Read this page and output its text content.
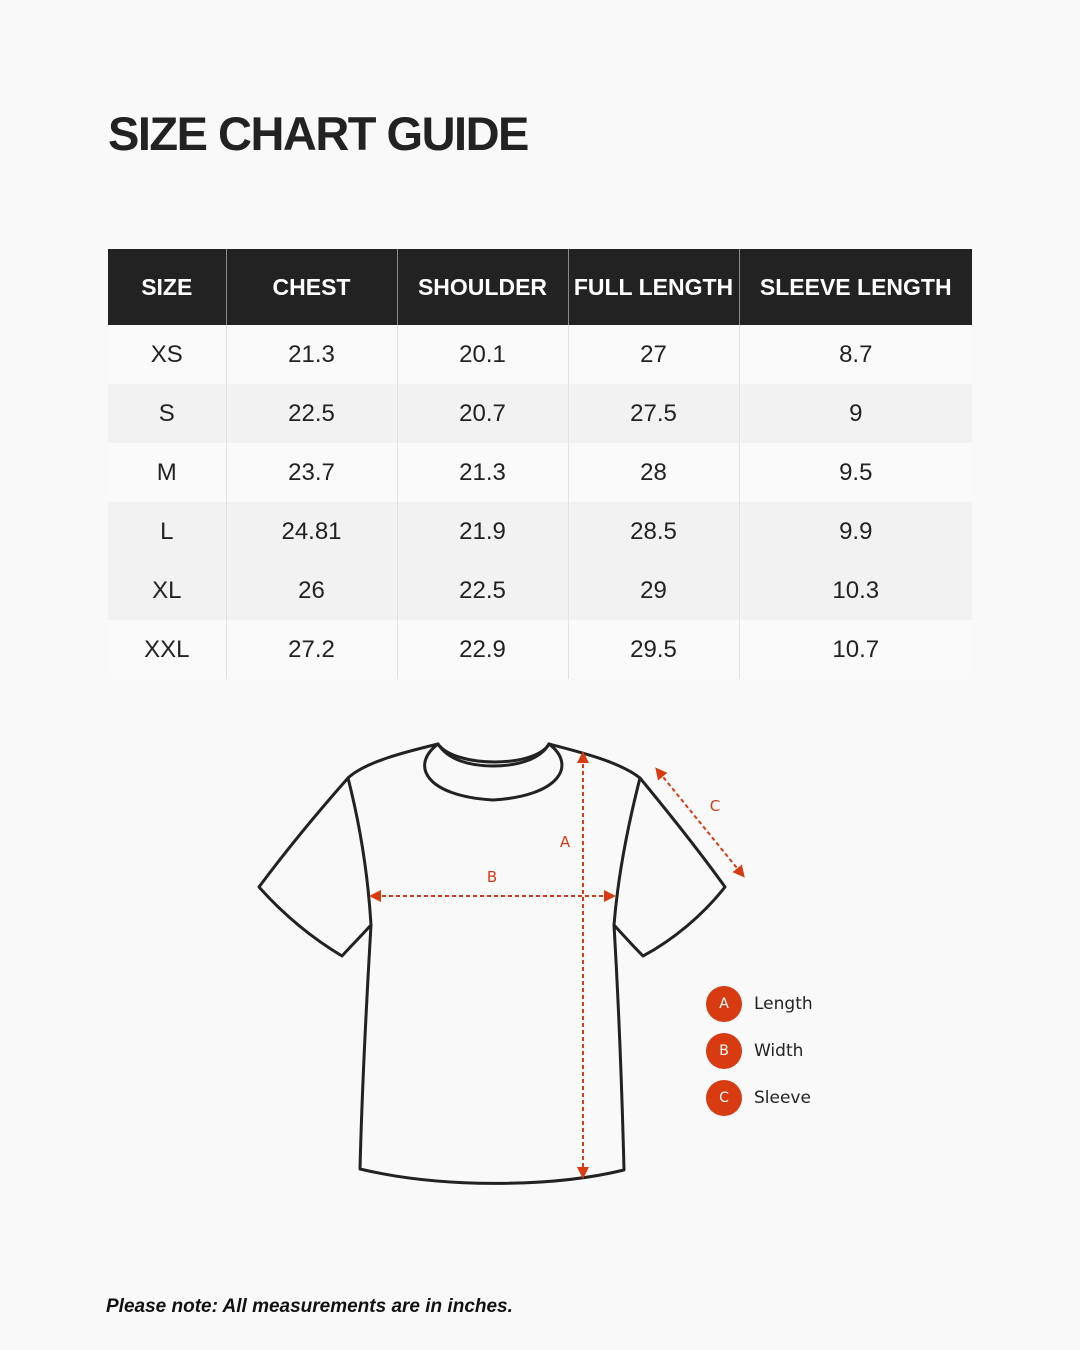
SIZE CHART GUIDE
SIZE	CHEST	SHOULDER	FULL LENGTH	SLEEVE LENGTH
XS	21.3	20.1	27	8.7
S	22.5	20.7	27.5	9
M	23.7	21.3	28	9.5
L	24.81	21.9	28.5	9.9
XL	26	22.5	29	10.3
XXL	27.2	22.9	29.5	10.7
A
B
C
A	Length
B	Width
C	Sleeve

Please note: All measurements are in inches.
